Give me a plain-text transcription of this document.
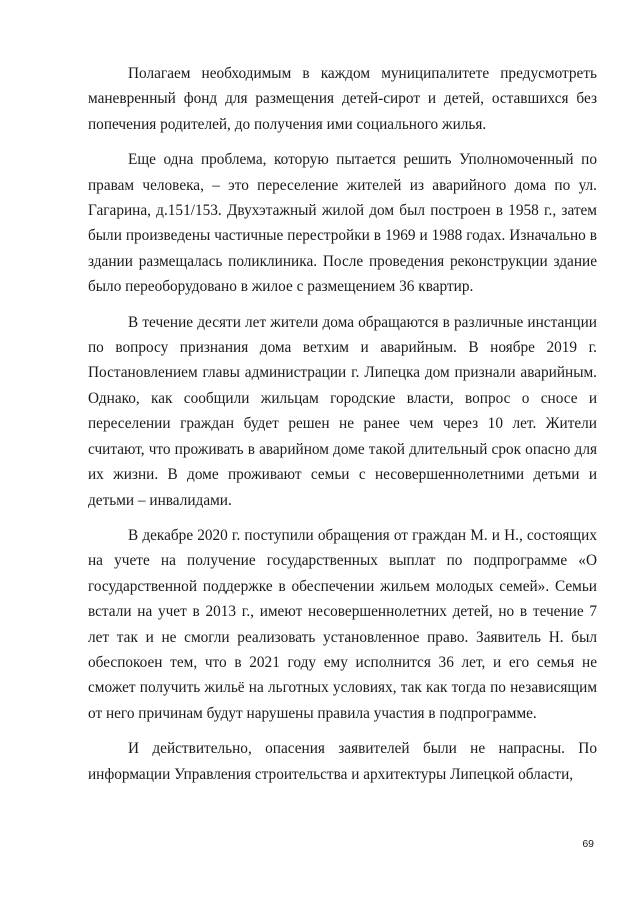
Полагаем необходимым в каждом муниципалитете предусмотреть маневренный фонд для размещения детей-сирот и детей, оставшихся без попечения родителей, до получения ими социального жилья.

Еще одна проблема, которую пытается решить Уполномоченный по правам человека, – это переселение жителей из аварийного дома по ул. Гагарина, д.151/153. Двухэтажный жилой дом был построен в 1958 г., затем были произведены частичные перестройки в 1969 и 1988 годах. Изначально в здании размещалась поликлиника. После проведения реконструкции здание было переоборудовано в жилое с размещением 36 квартир.

В течение десяти лет жители дома обращаются в различные инстанции по вопросу признания дома ветхим и аварийным. В ноябре 2019 г. Постановлением главы администрации г. Липецка дом признали аварийным. Однако, как сообщили жильцам городские власти, вопрос о сносе и переселении граждан будет решен не ранее чем через 10 лет. Жители считают, что проживать в аварийном доме такой длительный срок опасно для их жизни. В доме проживают семьи с несовершеннолетними детьми и детьми – инвалидами.

В декабре 2020 г. поступили обращения от граждан М. и Н., состоящих на учете на получение государственных выплат по подпрограмме «О государственной поддержке в обеспечении жильем молодых семей». Семьи встали на учет в 2013 г., имеют несовершеннолетних детей, но в течение 7 лет так и не смогли реализовать установленное право. Заявитель Н. был обеспокоен тем, что в 2021 году ему исполнится 36 лет, и его семья не сможет получить жильё на льготных условиях, так как тогда по независящим от него причинам будут нарушены правила участия в подпрограмме.

И действительно, опасения заявителей были не напрасны. По информации Управления строительства и архитектуры Липецкой области,

69
